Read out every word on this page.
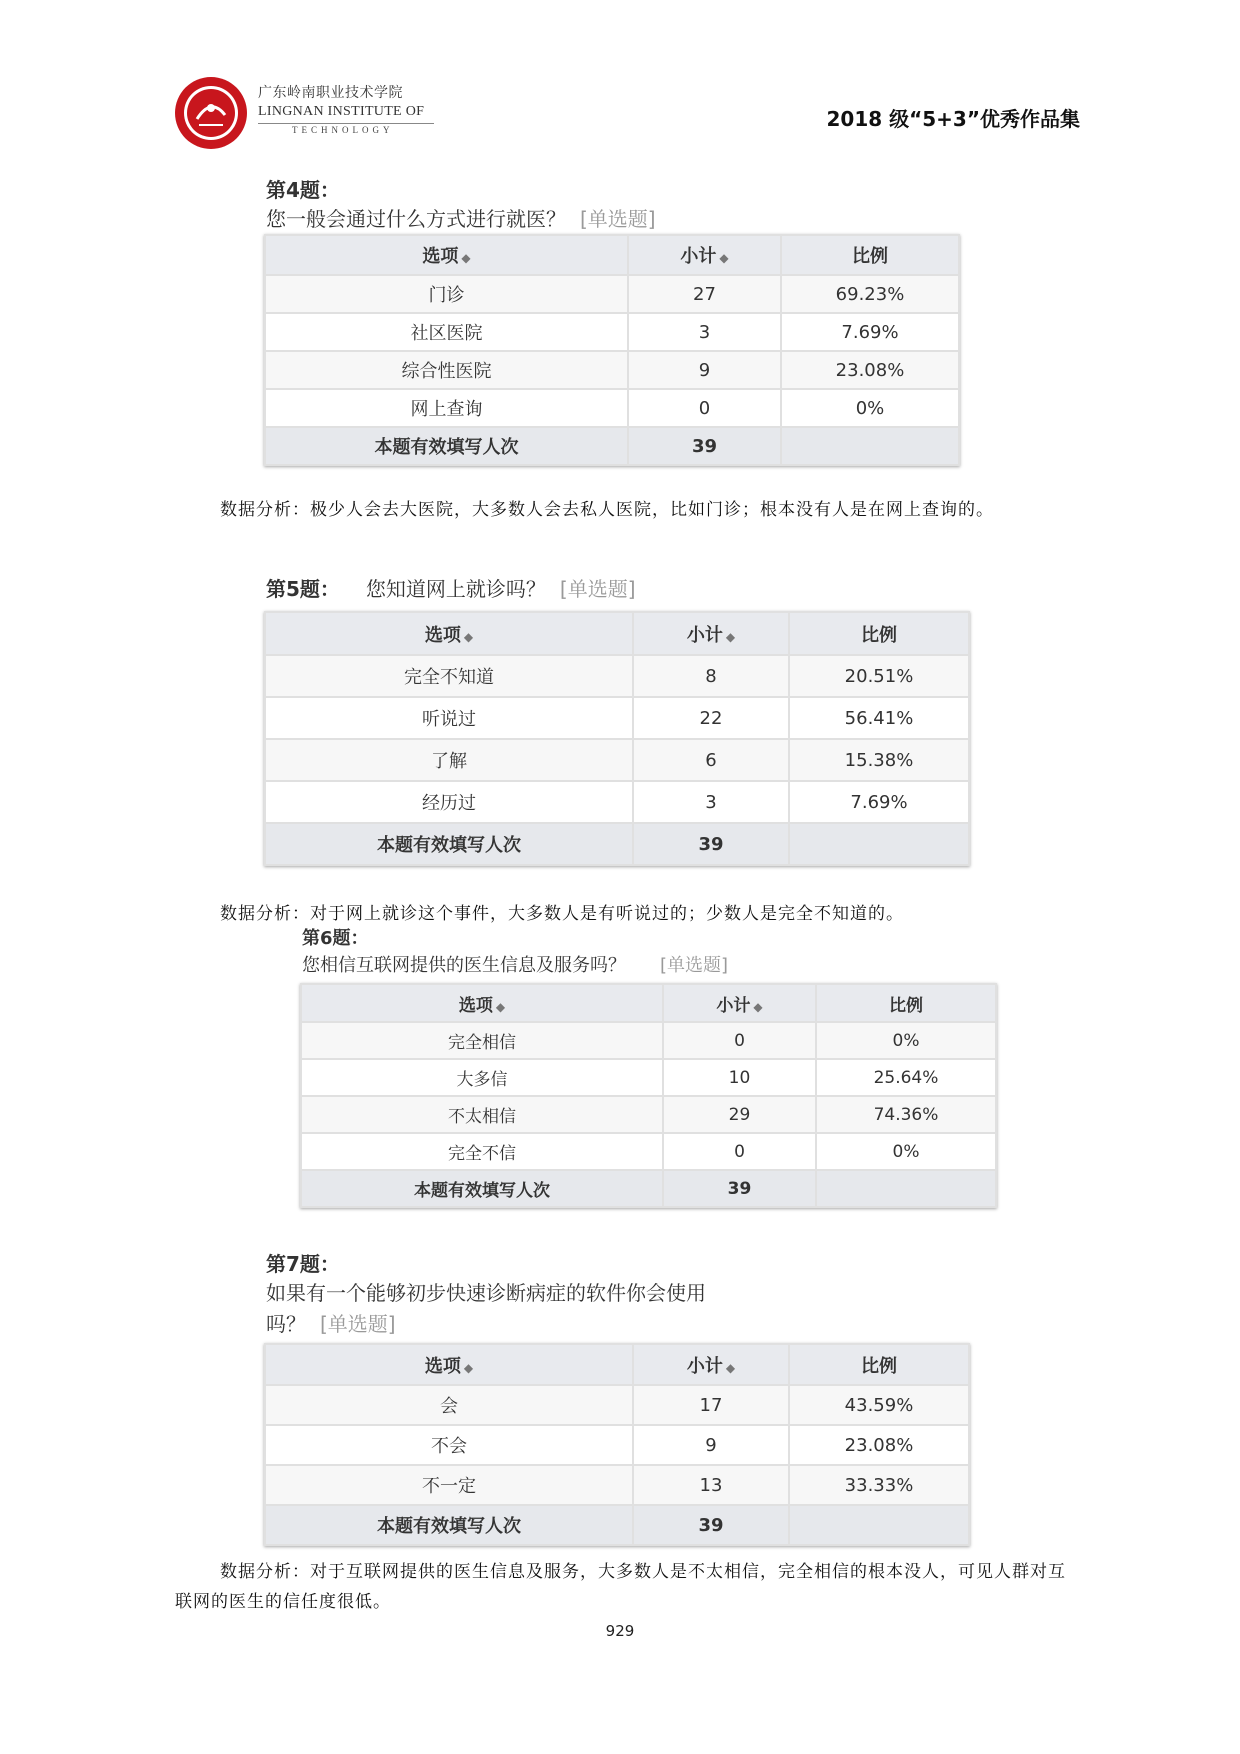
广东岭南职业技术学院
LINGNAN INSTITUTE OF
TECHNOLOGY	2018 级“5+3”优秀作品集
第4题：
您一般会通过什么方式进行就医？ [单选题]
选项 ◆	小计 ◆	比例
门诊	27	69.23%
社区医院	3	7.69%
综合性医院	9	23.08%
网上查询	0	0%
本题有效填写人次	39	
数据分析：极少人会去大医院，大多数人会去私人医院，比如门诊；根本没有人是在网上查询的。
第5题： 您知道网上就诊吗？ [单选题]
选项 ◆	小计 ◆	比例
完全不知道	8	20.51%
听说过	22	56.41%
了解	6	15.38%
经历过	3	7.69%
本题有效填写人次	39	
数据分析：对于网上就诊这个事件，大多数人是有听说过的；少数人是完全不知道的。
第6题：
您相信互联网提供的医生信息及服务吗？ [单选题]
选项 ◆	小计 ◆	比例
完全相信	0	0%
大多信	10	25.64%
不太相信	29	74.36%
完全不信	0	0%
本题有效填写人次	39	
第7题：
如果有一个能够初步快速诊断病症的软件你会使用
吗？ [单选题]
选项 ◆	小计 ◆	比例
会	17	43.59%
不会	9	23.08%
不一定	13	33.33%
本题有效填写人次	39	
数据分析：对于互联网提供的医生信息及服务，大多数人是不太相信，完全相信的根本没人，可见人群对互联网的医生的信任度很低。
929
